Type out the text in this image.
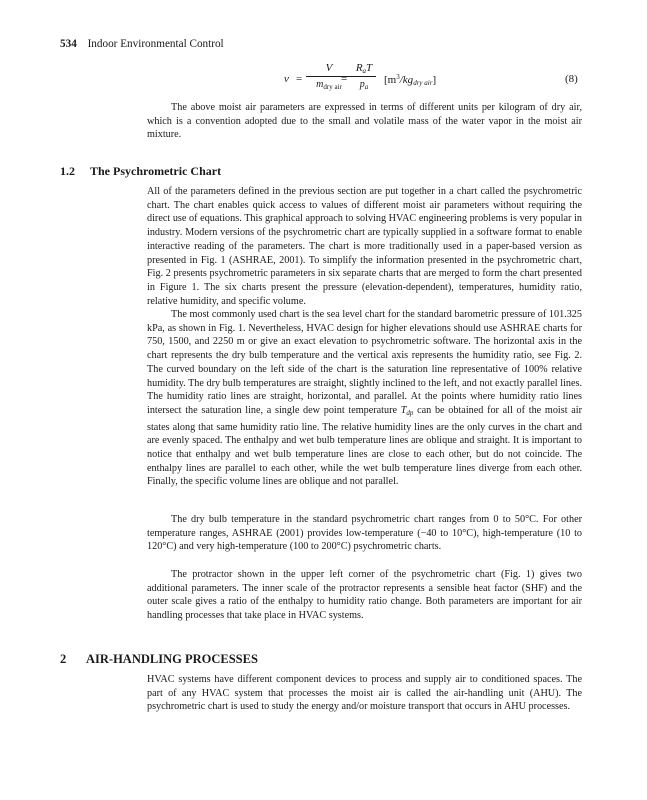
534 Indoor Environmental Control
v =
V
$m_{dry air}$
=
RaT
$p_a$
[$m^3$/kgdry air]	(8)

The above moist air parameters are expressed in terms of different units per kilogram of dry air, which is a convention adopted due to the small and volatile mass of the water vapor in the moist air mixture.

1.2 The Psychrometric Chart

All of the parameters defined in the previous section are put together in a chart called the psychrometric chart. The chart enables quick access to values of different moist air parameters without requiring the direct use of equations. This graphical approach to solving HVAC engineering problems is very popular in industry. Modern versions of the psychrometric chart are typically supplied in a software format to enable interactive reading of the parameters. The chart is more traditionally used in a paper-based version as presented in Fig. 1 (ASHRAE, 2001). To simplify the information presented in the psychrometric chart, Fig. 2 presents psychrometric parameters in six separate charts that are merged to form the chart presented in Figure 1. The six charts present the pressure (elevation-dependent), temperatures, humidity ratio, relative humidity, and specific volume.

The most commonly used chart is the sea level chart for the standard barometric pressure of 101.325 kPa, as shown in Fig. 1. Nevertheless, HVAC design for higher elevations should use ASHRAE charts for 750, 1500, and 2250 m or give an exact elevation to psychrometric software. The horizontal axis in the chart represents the dry bulb temperature and the vertical axis represents the humidity ratio, see Fig. 2. The curved boundary on the left side of the chart is the saturation line representative of 100% relative humidity. The dry bulb temperatures are straight, slightly inclined to the left, and not exactly parallel lines. The humidity ratio lines are straight, horizontal, and parallel. At the points where humidity ratio lines intersect the saturation line, a single dew point temperature Tdp can be obtained for all of the moist air states along that same humidity ratio line. The relative humidity lines are the only curves in the chart and are evenly spaced. The enthalpy and wet bulb temperature lines are oblique and straight. It is important to notice that enthalpy and wet bulb temperature lines are close to each other, but do not coincide. The enthalpy lines are parallel to each other, while the wet bulb temperature lines diverge from each other. Finally, the specific volume lines are oblique and not parallel.

The dry bulb temperature in the standard psychrometric chart ranges from 0 to 50°C. For other temperature ranges, ASHRAE (2001) provides low-temperature (−40 to 10°C), high-temperature (10 to 120°C) and very high-temperature (100 to 200°C) psychrometric charts.

The protractor shown in the upper left corner of the psychrometric chart (Fig. 1) gives two additional parameters. The inner scale of the protractor represents a sensible heat factor (SHF) and the outer scale gives a ratio of the enthalpy to humidity ratio change. Both parameters are important for air handling processes that take place in HVAC systems.

2 AIR-HANDLING PROCESSES

HVAC systems have different component devices to process and supply air to conditioned spaces. The part of any HVAC system that processes the moist air is called the air-handling unit (AHU). The psychrometric chart is used to study the energy and/or moisture transport that occurs in AHU processes.
